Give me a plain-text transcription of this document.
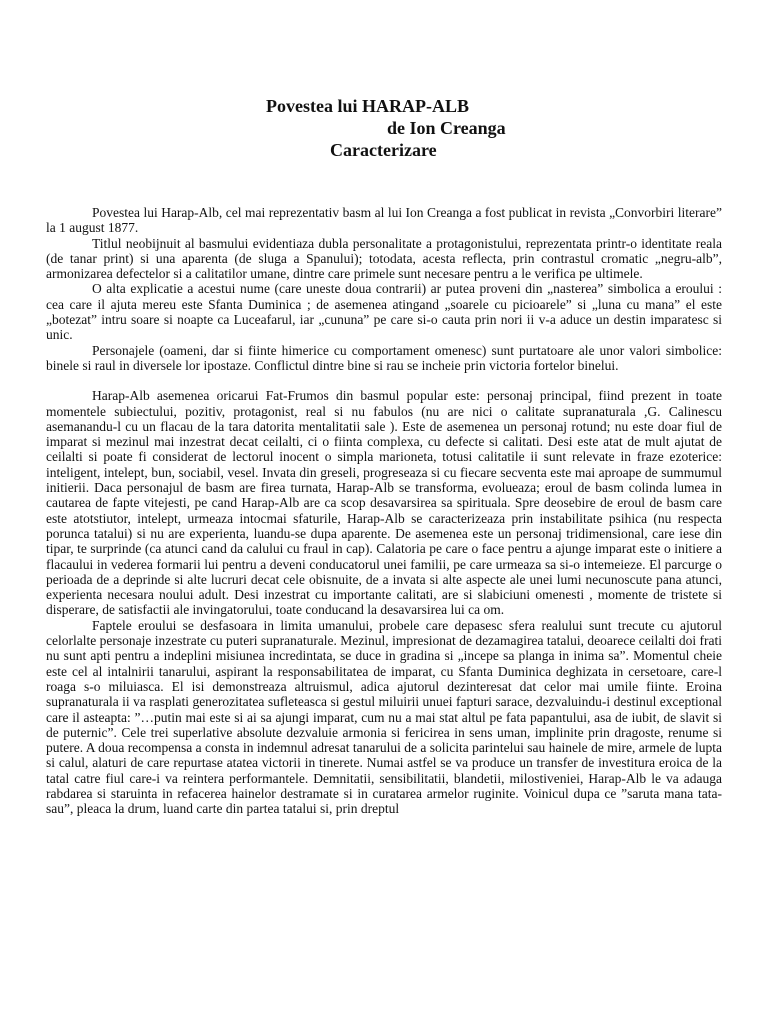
Povestea lui HARAP-ALB
de Ion Creanga
Caracterizare

Povestea lui Harap-Alb, cel mai reprezentativ basm al lui Ion Creanga a fost publicat in revista „Convorbiri literare” la 1 august 1877.

Titlul neobijnuit al basmului evidentiaza dubla personalitate a protagonistului, reprezentata printr-o identitate reala (de tanar print) si una aparenta (de sluga a Spanului); totodata, acesta reflecta, prin contrastul cromatic „negru-alb”, armonizarea defectelor si a calitatilor umane, dintre care primele sunt necesare pentru a le verifica pe ultimele.

O alta explicatie a acestui nume (care uneste doua contrarii) ar putea proveni din „nasterea” simbolica a eroului : cea care il ajuta mereu este Sfanta Duminica ; de asemenea atingand „soarele cu picioarele” si „luna cu mana” el este „botezat” intru soare si noapte ca Luceafarul, iar „cununa” pe care si-o cauta prin nori ii v-a aduce un destin imparatesc si unic.

Personajele (oameni, dar si fiinte himerice cu comportament omenesc) sunt purtatoare ale unor valori simbolice: binele si raul in diversele lor ipostaze. Conflictul dintre bine si rau se incheie prin victoria fortelor binelui.

Harap-Alb asemenea oricarui Fat-Frumos din basmul popular este: personaj principal, fiind prezent in toate momentele subiectului, pozitiv, protagonist, real si nu fabulos (nu are nici o calitate supranaturala ,G. Calinescu asemanandu-l cu un flacau de la tara datorita mentalitatii sale ). Este de asemenea un personaj rotund; nu este doar fiul de imparat si mezinul mai inzestrat decat ceilalti, ci o fiinta complexa, cu defecte si calitati. Desi este atat de mult ajutat de ceilalti si poate fi considerat de lectorul inocent o simpla marioneta, totusi calitatile ii sunt relevate in fraze ezoterice: inteligent, intelept, bun, sociabil, vesel. Invata din greseli, progreseaza si cu fiecare secventa este mai aproape de summumul initierii. Daca personajul de basm are firea turnata, Harap-Alb se transforma, evolueaza; eroul de basm colinda lumea in cautarea de fapte vitejesti, pe cand Harap-Alb are ca scop desavarsirea sa spirituala. Spre deosebire de eroul de basm care este atotstiutor, intelept, urmeaza intocmai sfaturile, Harap-Alb se caracterizeaza prin instabilitate psihica (nu respecta porunca tatalui) si nu are experienta, luandu-se dupa aparente. De asemenea este un personaj tridimensional, care iese din tipar, te surprinde (ca atunci cand da calului cu fraul in cap). Calatoria pe care o face pentru a ajunge imparat este o initiere a flacaului in vederea formarii lui pentru a deveni conducatorul unei familii, pe care urmeaza sa si-o intemeieze. El parcurge o perioada de a deprinde si alte lucruri decat cele obisnuite, de a invata si alte aspecte ale unei lumi necunoscute pana atunci, experienta necesara noului adult. Desi inzestrat cu importante calitati, are si slabiciuni omenesti , momente de tristete si disperare, de satisfactii ale invingatorului, toate conducand la desavarsirea lui ca om.

Faptele eroului se desfasoara in limita umanului, probele care depasesc sfera realului sunt trecute cu ajutorul celorlalte personaje inzestrate cu puteri supranaturale. Mezinul, impresionat de dezamagirea tatalui, deoarece ceilalti doi frati nu sunt apti pentru a indeplini misiunea incredintata, se duce in gradina si „incepe sa planga in inima sa”. Momentul cheie este cel al intalnirii tanarului, aspirant la responsabilitatea de imparat, cu Sfanta Duminica deghizata in cersetoare, care-l roaga s-o miluiasca. El isi demonstreaza altruismul, adica ajutorul dezinteresat dat celor mai umile fiinte. Eroina supranaturala ii va rasplati generozitatea sufleteasca si gestul miluirii unuei fapturi sarace, dezvaluindu-i destinul exceptional care il asteapta: ”…putin mai este si ai sa ajungi imparat, cum nu a mai stat altul pe fata papantului, asa de iubit, de slavit si de puternic”. Cele trei superlative absolute dezvaluie armonia si fericirea in sens uman, implinite prin dragoste, renume si putere. A doua recompensa a consta in indemnul adresat tanarului de a solicita parintelui sau hainele de mire, armele de lupta si calul, alaturi de care repurtase atatea victorii in tinerete. Numai astfel se va produce un transfer de investitura eroica de la tatal catre fiul care-i va reintera performantele. Demnitatii, sensibilitatii, blandetii, milostiveniei, Harap-Alb le va adauga rabdarea si staruinta in refacerea hainelor destramate si in curatarea armelor ruginite. Voinicul dupa ce ”saruta mana tata-sau”, pleaca la drum, luand carte din partea tatalui si, prin dreptul
